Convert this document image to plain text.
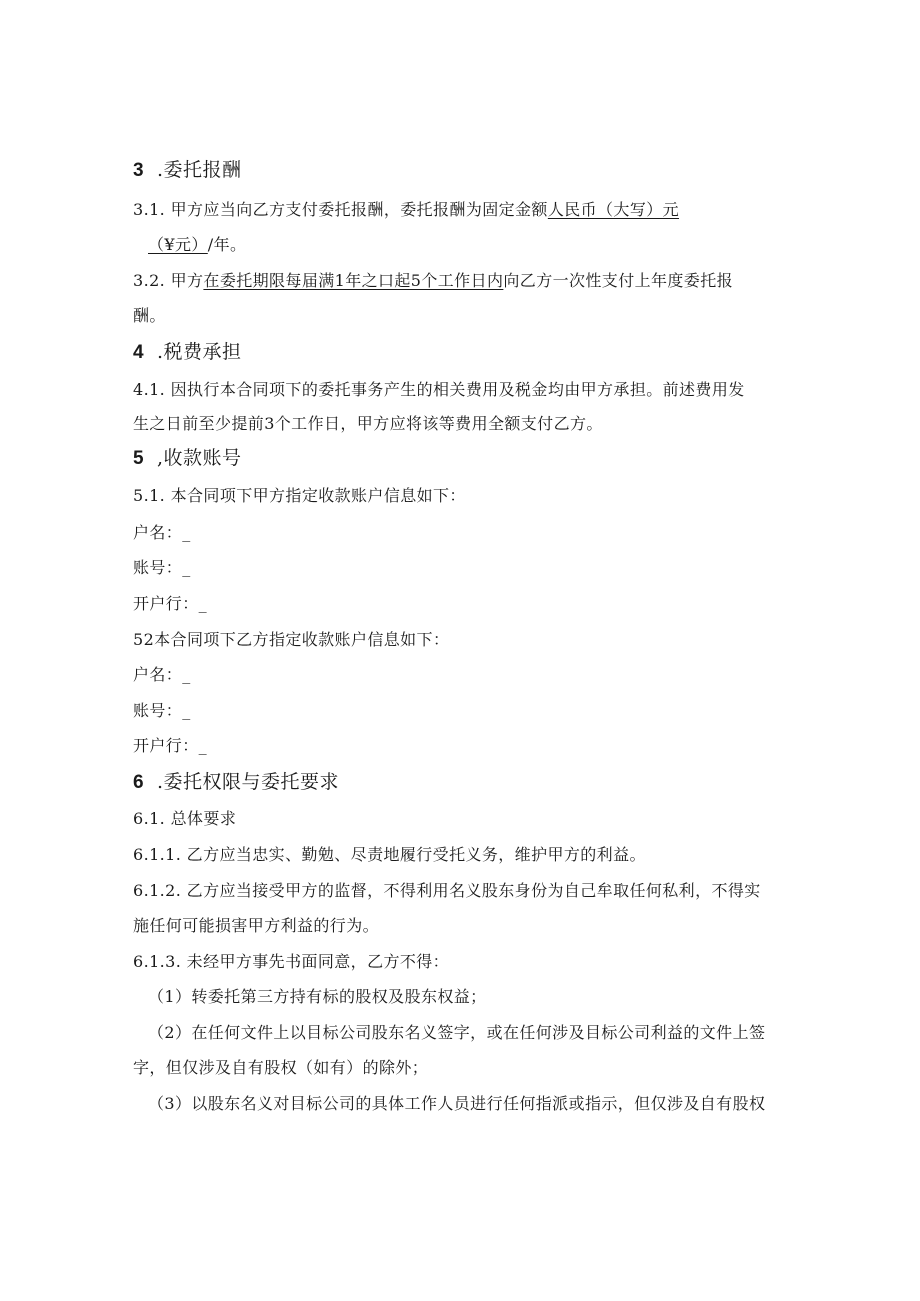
3 .委托报酬
3.1. 甲方应当向乙方支付委托报酬，委托报酬为固定金额人民币（大写）元
（¥元）/年。
3.2. 甲方在委托期限每届满1年之口起5个工作日内向乙方一次性支付上年度委托报
酬。
4 .税费承担
4.1. 因执行本合同项下的委托事务产生的相关费用及税金均由甲方承担。前述费用发
生之日前至少提前3个工作日，甲方应将该等费用全额支付乙方。
5 ,收款账号
5.1. 本合同项下甲方指定收款账户信息如下：
户名：_
账号：_
开户行：_
52本合同项下乙方指定收款账户信息如下：
户名：_
账号：_
开户行：_
6 .委托权限与委托要求
6.1. 总体要求
6.1.1. 乙方应当忠实、勤勉、尽责地履行受托义务，维护甲方的利益。
6.1.2. 乙方应当接受甲方的监督，不得利用名义股东身份为自己牟取任何私利，不得实
施任何可能损害甲方利益的行为。
6.1.3. 未经甲方事先书面同意，乙方不得：
（1）转委托第三方持有标的股权及股东权益；
（2）在任何文件上以目标公司股东名义签字，或在任何涉及目标公司利益的文件上签
字，但仅涉及自有股权（如有）的除外；
（3）以股东名义对目标公司的具体工作人员进行任何指派或指示，但仅涉及自有股权
